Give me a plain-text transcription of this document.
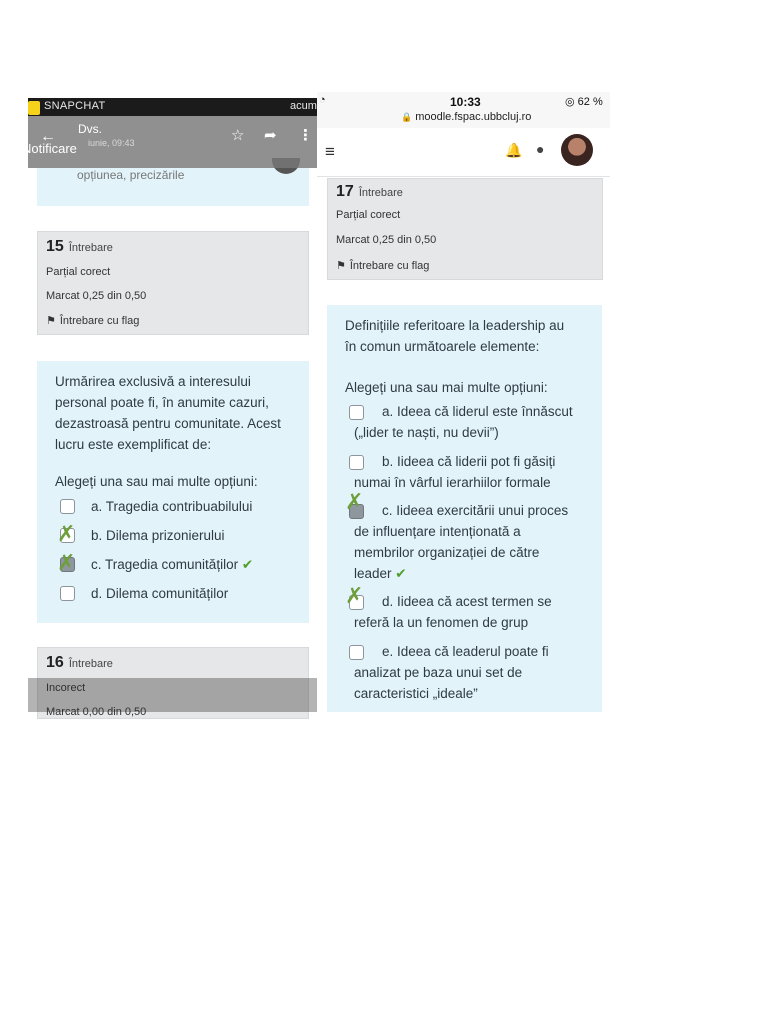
opțiunea, precizările
SNAPCHAT	acum
← Dvs.
iunie, 09:43
Notificare
☆ ➦ ⋮
15 Întrebare
Parțial corect
Marcat 0,25 din 0,50
⚑ Întrebare cu flag
Urmărirea exclusivă a interesului
personal poate fi, în anumite cazuri,
dezastroasă pentru comunitate. Acest
lucru este exemplificat de:
Alegeți una sau mai multe opțiuni:
a. Tragedia contribuabilului
✗ b. Dilema prizonierului
✗ c. Tragedia comunităților ✔
d. Dilema comunităților
16 Întrebare
Incorect
Marcat 0,00 din 0,50
◔	10:33	◎ 62 %
🔒 moodle.fspac.ubbcluj.ro
≡	🔔 ●
17 Întrebare
Parțial corect
Marcat 0,25 din 0,50
⚑ Întrebare cu flag
Definițiile referitoare la leadership au
în comun următoarele elemente:
Alegeți una sau mai multe opțiuni:
a. Ideea că liderul este înnăscut
(„lider te naști, nu devii”)
b. Iideea că liderii pot fi găsiți
numai în vârful ierarhiilor formale
✗	c. Iideea exercitării unui proces
de influențare intenționată a
membrilor organizației de către
leader ✔
✗	d. Iideea că acest termen se
referă la un fenomen de grup
e. Ideea că leaderul poate fi
analizat pe baza unui set de
caracteristici „ideale”
